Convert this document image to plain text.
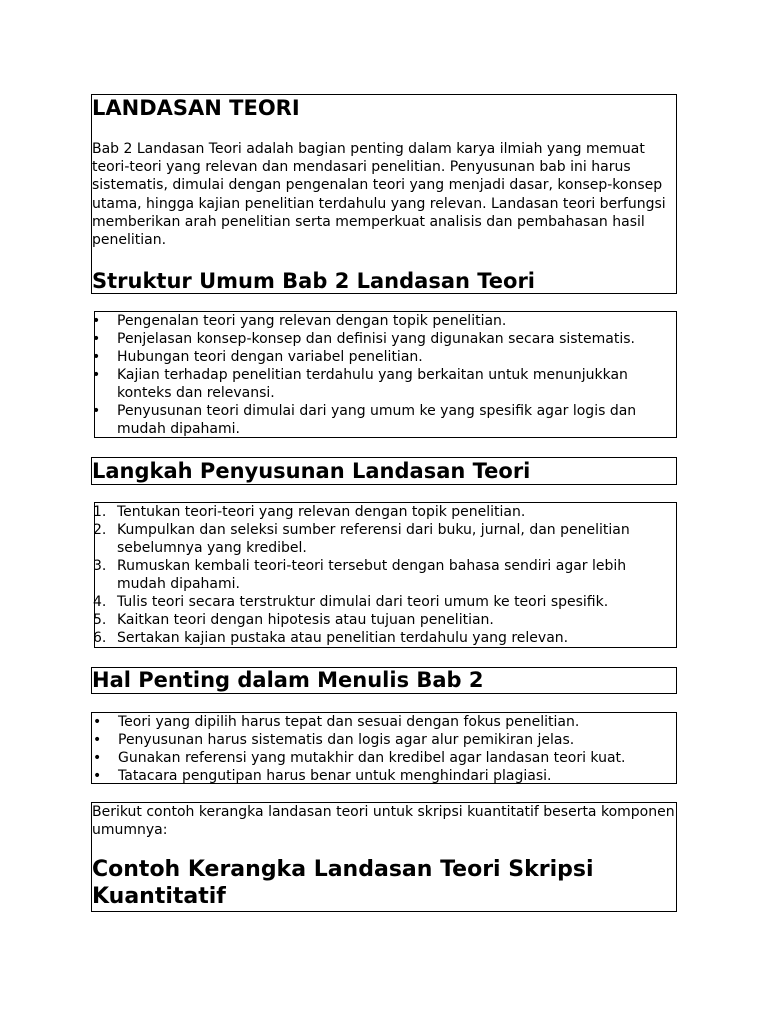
LANDASAN TEORI

Bab 2 Landasan Teori adalah bagian penting dalam karya ilmiah yang memuat teori-teori yang relevan dan mendasari penelitian. Penyusunan bab ini harus sistematis, dimulai dengan pengenalan teori yang menjadi dasar, konsep-konsep utama, hingga kajian penelitian terdahulu yang relevan. Landasan teori berfungsi memberikan arah penelitian serta memperkuat analisis dan pembahasan hasil penelitian.

Struktur Umum Bab 2 Landasan Teori
• Pengenalan teori yang relevan dengan topik penelitian.
• Penjelasan konsep-konsep dan definisi yang digunakan secara sistematis.
• Hubungan teori dengan variabel penelitian.
• Kajian terhadap penelitian terdahulu yang berkaitan untuk menunjukkan konteks dan relevansi.
• Penyusunan teori dimulai dari yang umum ke yang spesifik agar logis dan mudah dipahami.
Langkah Penyusunan Landasan Teori
1. Tentukan teori-teori yang relevan dengan topik penelitian.
2. Kumpulkan dan seleksi sumber referensi dari buku, jurnal, dan penelitian sebelumnya yang kredibel.
3. Rumuskan kembali teori-teori tersebut dengan bahasa sendiri agar lebih mudah dipahami.
4. Tulis teori secara terstruktur dimulai dari teori umum ke teori spesifik.
5. Kaitkan teori dengan hipotesis atau tujuan penelitian.
6. Sertakan kajian pustaka atau penelitian terdahulu yang relevan.
Hal Penting dalam Menulis Bab 2
• Teori yang dipilih harus tepat dan sesuai dengan fokus penelitian.
• Penyusunan harus sistematis dan logis agar alur pemikiran jelas.
• Gunakan referensi yang mutakhir dan kredibel agar landasan teori kuat.
• Tatacara pengutipan harus benar untuk menghindari plagiasi.

Berikut contoh kerangka landasan teori untuk skripsi kuantitatif beserta komponen umumnya:

Contoh Kerangka Landasan Teori Skripsi Kuantitatif
